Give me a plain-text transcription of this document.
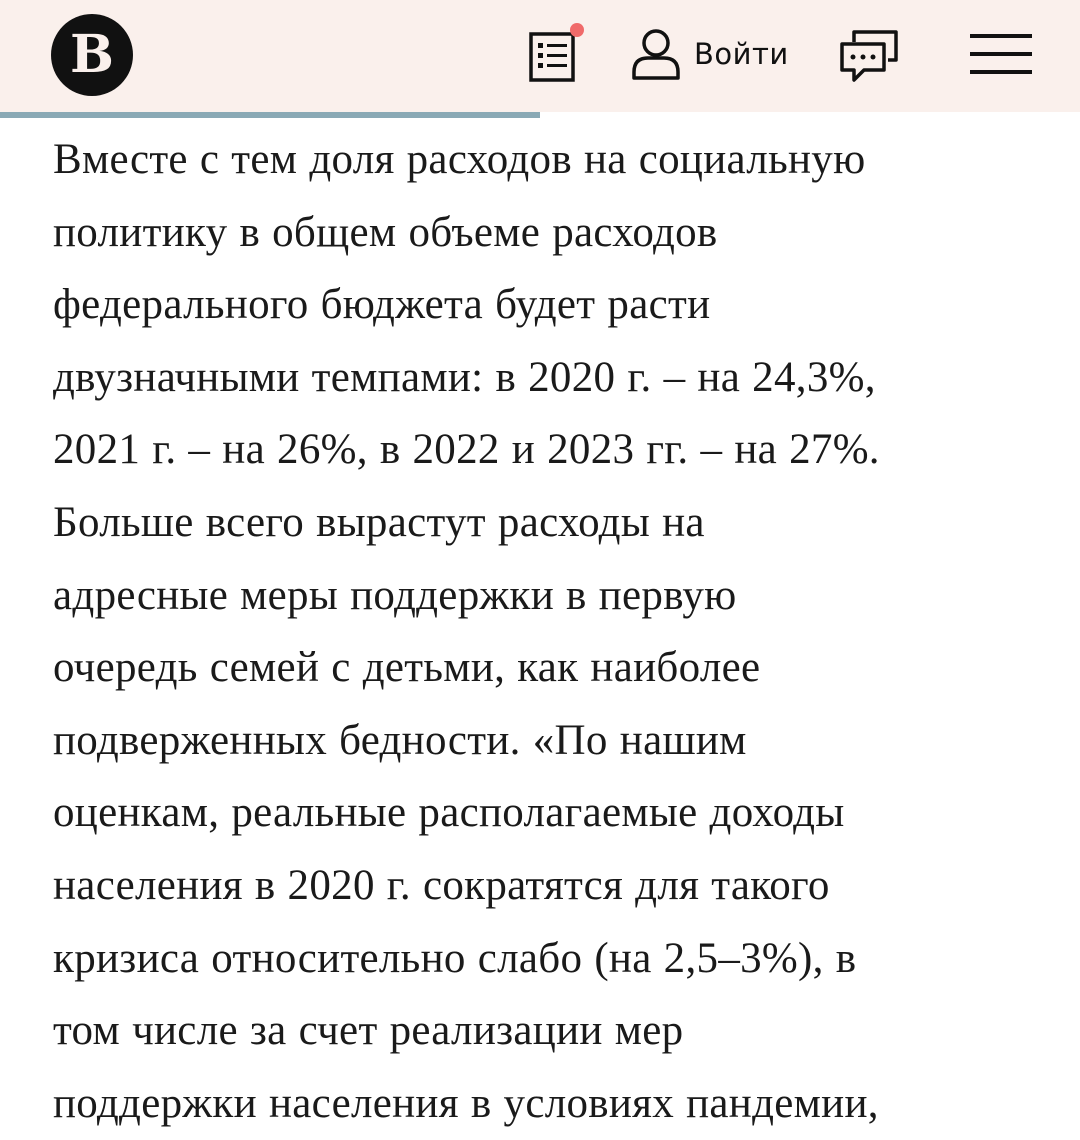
В	Войти

Вместе с тем доля расходов на социальную
политику в общем объеме расходов
федерального бюджета будет расти
двузначными темпами: в 2020 г. – на 24,3%,
2021 г. – на 26%, в 2022 и 2023 гг. – на 27%.
Больше всего вырастут расходы на
адресные меры поддержки в первую
очередь семей с детьми, как наиболее
подверженных бедности. «По нашим
оценкам, реальные располагаемые доходы
населения в 2020 г. сократятся для такого
кризиса относительно слабо (на 2,5–3%), в
том числе за счет реализации мер
поддержки населения в условиях пандемии,
